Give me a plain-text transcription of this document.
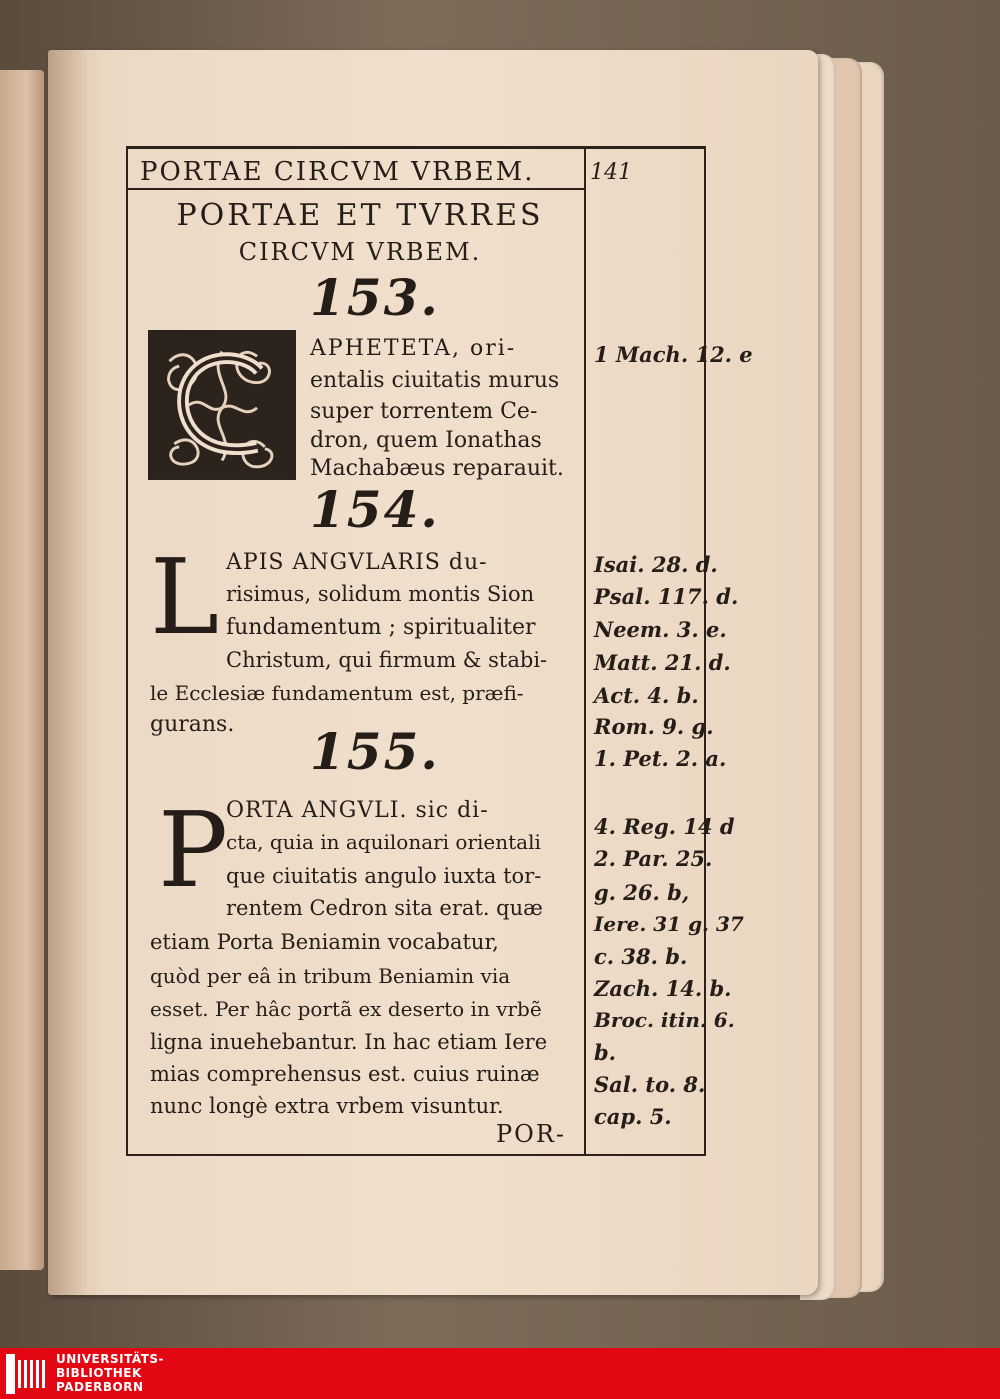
PORTAE CIRCVM VRBEM.	141
PORTAE ET TVRRES
CIRCVM VRBEM.
153.
APHETETA, ori-
entalis ciuitatis murus
super torrentem Ce-
dron, quem Ionathas
Machabæus reparauit.
154.
L APIS ANGVLARIS du-
risimus, solidum montis Sion
fundamentum ; spiritualiter
Christum, qui firmum & stabi-
le Ecclesiæ fundamentum est, præfi-
gurans. 155.
P
ORTA ANGVLI. sic di-
cta, quia in aquilonari orientali
que ciuitatis angulo iuxta tor-
rentem Cedron sita erat. quæ
etiam Porta Beniamin vocabatur,
quòd per eâ in tribum Beniamin via
esset. Per hâc portã ex deserto in vrbẽ
ligna inuehebantur. In hac etiam Iere
mias comprehensus est. cuius ruinæ
nunc longè extra vrbem visuntur.
POR-
1 Mach. 12. e
Isai. 28. d.
Psal. 117. d.
Neem. 3. e.
Matt. 21. d.
Act. 4. b.
Rom. 9. g.
1. Pet. 2. a.
4. Reg. 14 d
2. Par. 25.
g. 26. b,
Iere. 31 g. 37
c. 38. b.
Zach. 14. b.
Broc. itin. 6.
b.
Sal. to. 8.
cap. 5.
UNIVERSITÄTS-
BIBLIOTHEK
PADERBORN
